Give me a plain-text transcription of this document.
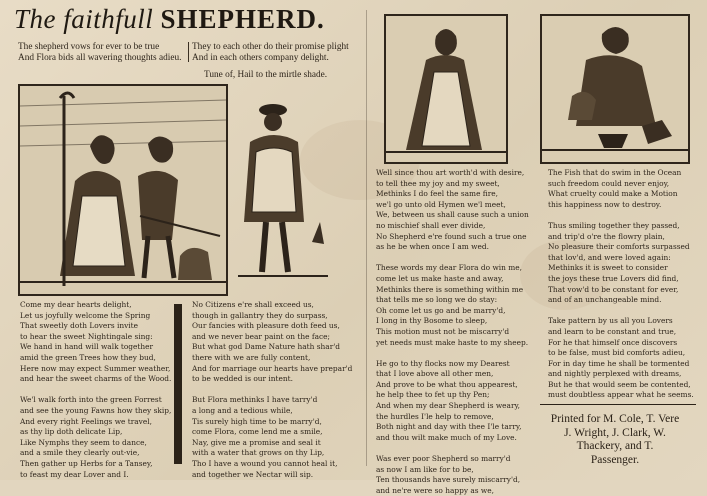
The faithfull SHEPHERD.
The shepherd vows for ever to be true
And Flora bids all wavering thoughts adieu.
They to each other do their promise plight
And in each others company delight.
Tune of, Hail to the mirtle shade.
Come my dear hearts delight,
Let us joyfully welcome the Spring
That sweetly doth Lovers invite
to hear the sweet Nightingale sing:
We hand in hand will walk together
amid the green Trees how they bud,
Here now may expect Summer weather,
and hear the sweet charms of the Wood.

We'l walk forth into the green Forrest
and see the young Fawns how they skip,
And every right Feelings we travel,
as thy lip doth delicate Lip,
Like Nymphs they seem to dance,
and a smile they clearly out-vie,
Then gather up Herbs for a Tansey,
to feast my dear Lover and I.
No Citizens e're shall exceed us,
though in gallantry they do surpass,
Our fancies with pleasure doth feed us,
and we never bear paint on the face;
But what god Dame Nature hath shar'd
there with we are fully content,
And for marriage our hearts have prepar'd
to be wedded is our intent.

But Flora methinks I have tarry'd
a long and a tedious while,
Tis surely high time to be marry'd,
come Flora, come lend me a smile,
Nay, give me a promise and seal it
with a water that grows on thy Lip,
Tho I have a wound you cannot heal it,
and together we Nectar will sip.
Well since thou art worth'd with desire,
to tell thee my joy and my sweet,
Methinks I do feel the same fire,
we'l go unto old Hymen we'l meet,
We, between us shall cause such a union
no mischief shall ever divide,
No Shepherd e're found such a true one
as he be when once I am wed.

These words my dear Flora do win me,
come let us make haste and away,
Methinks there is something within me
that tells me so long we do stay:
Oh come let us go and be marry'd,
I long in thy Bosome to sleep,
This motion must not be miscarry'd
yet needs must make haste to my sheep.

He go to thy flocks now my Dearest
that I love above all other men,
And prove to be what thou appearest,
he help thee to fet up thy Pen;
And when my dear Shepherd is weary,
the hurdles I'le help to remove,
Both night and day with thee I'le tarry,
and thou wilt make much of my Love.

Was ever poor Shepherd so marry'd
as now I am like for to be,
Ten thousands have surely miscarry'd,
and ne're were so happy as we,
The Fish that do swim in the Ocean
such freedom could never enjoy,
What cruelty could make a Motion
this happiness now to destroy.

Thus smiling together they passed,
and trip'd o're the flowry plain,
No pleasure their comforts surpassed
that lov'd, and were loved again:
Methinks it is sweet to consider
the joys these true Lovers did find,
That vow'd to be constant for ever,
and of an unchangeable mind.

Take pattern by us all you Lovers
and learn to be constant and true,
For he that himself once discovers
to be false, must bid comforts adieu,
For in day time he shall be tormented
and nightly perplexed with dreams,
But he that would seem be contented,
must doubtless appear what he seems.
Printed for M. Cole, T. Vere
J. Wright, J. Clark, W.
Thackery, and T.
Passenger.
